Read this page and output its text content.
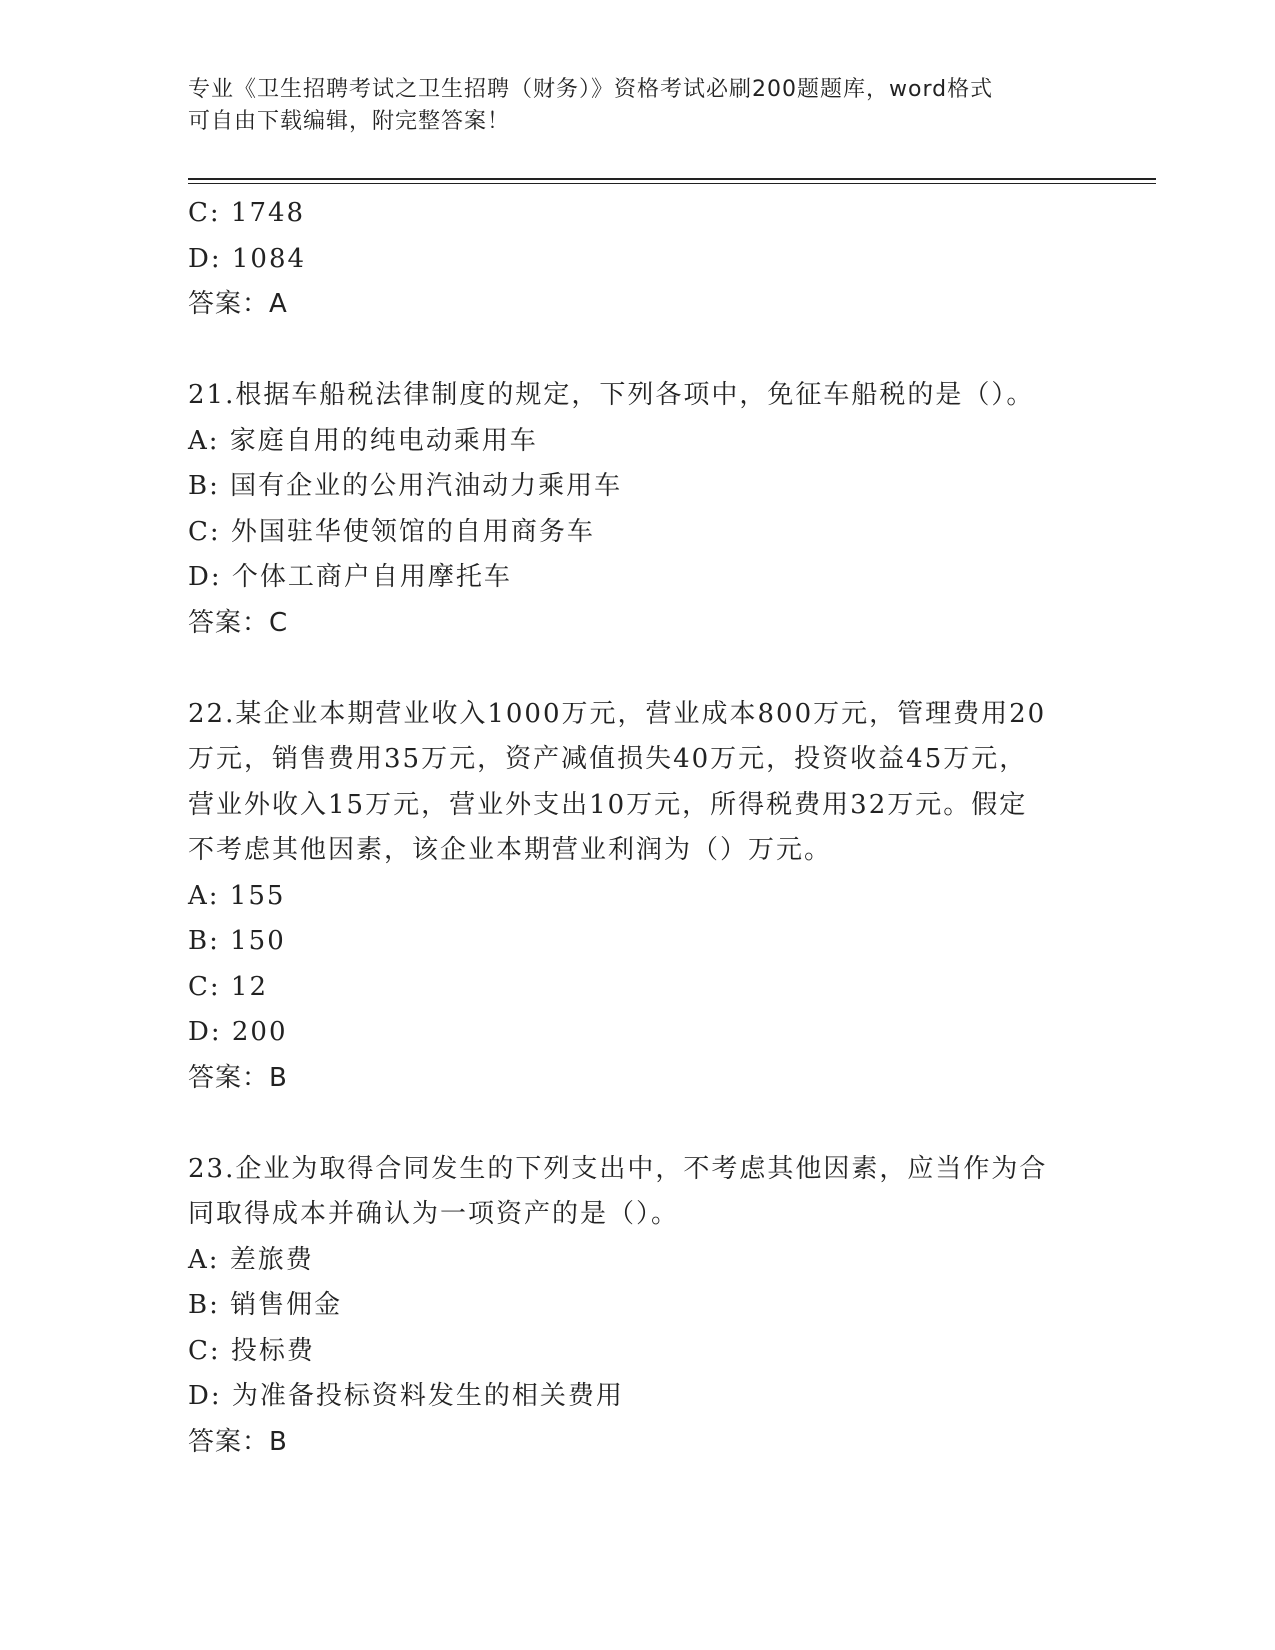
专业《卫生招聘考试之卫生招聘（财务）》资格考试必刷200题题库，word格式
可自由下载编辑，附完整答案！
C: 1748
D: 1084
答案：A
21.根据车船税法律制度的规定，下列各项中，免征车船税的是（）。
A: 家庭自用的纯电动乘用车
B: 国有企业的公用汽油动力乘用车
C: 外国驻华使领馆的自用商务车
D: 个体工商户自用摩托车
答案：C
22.某企业本期营业收入1000万元，营业成本800万元，管理费用20
万元，销售费用35万元，资产减值损失40万元，投资收益45万元，
营业外收入15万元，营业外支出10万元，所得税费用32万元。假定
不考虑其他因素，该企业本期营业利润为（）万元。
A: 155
B: 150
C: 12
D: 200
答案：B
23.企业为取得合同发生的下列支出中，不考虑其他因素，应当作为合
同取得成本并确认为一项资产的是（）。
A: 差旅费
B: 销售佣金
C: 投标费
D: 为准备投标资料发生的相关费用
答案：B
